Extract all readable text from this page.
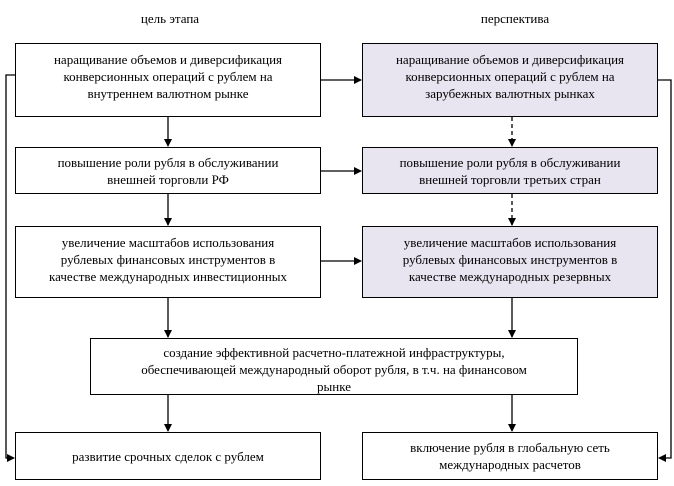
цель этапа	перспектива
наращивание объемов и диверсификация
конверсионных операций с рублем на
внутреннем валютном рынке
повышение роли рубля в обслуживании
внешней торговли РФ
увеличение масштабов использования
рублевых финансовых инструментов в
качестве международных инвестиционных
наращивание объемов и диверсификация
конверсионных операций с рублем на
зарубежных валютных рынках
повышение роли рубля в обслуживании
внешней торговли третьих стран
увеличение масштабов использования
рублевых финансовых инструментов в
качестве международных резервных
создание эффективной расчетно-платежной инфраструктуры,
обеспечивающей международный оборот рубля, в т.ч. на финансовом
рынке
развитие срочных сделок с рублем
включение рубля в глобальную сеть
международных расчетов
